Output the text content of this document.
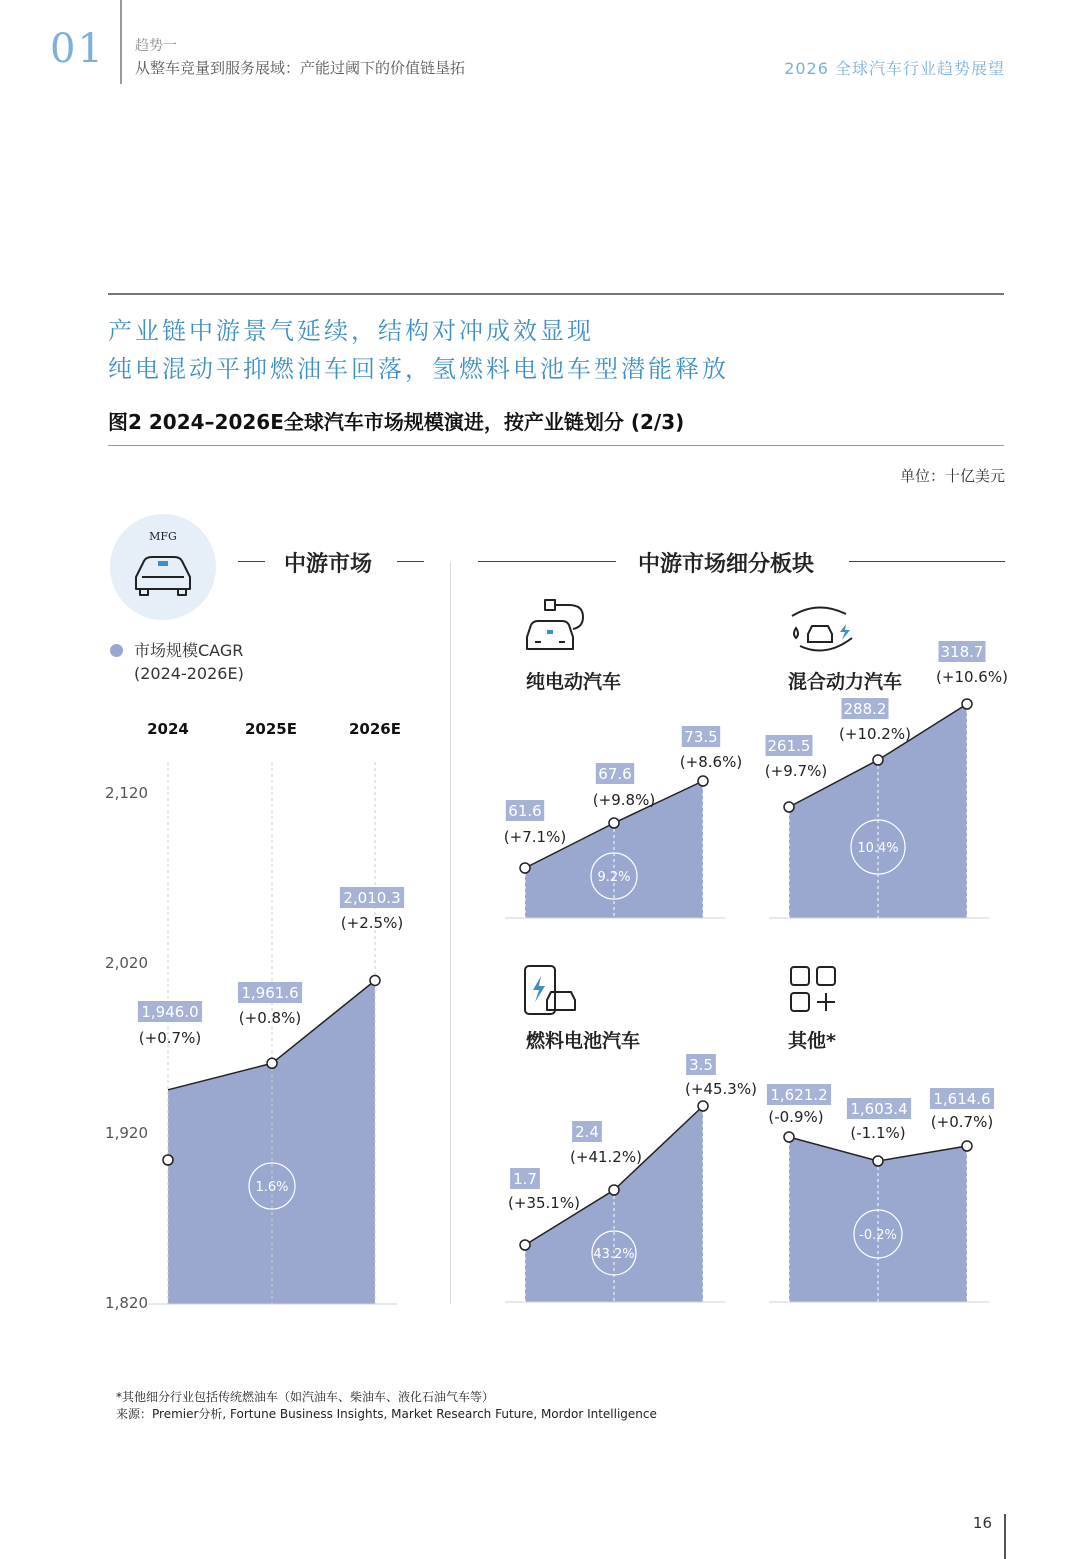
01 趋势一
从整车竞量到服务展域：产能过阈下的价值链垦拓	2026 全球汽车行业趋势展望
产业链中游景气延续，结构对冲成效显现
纯电混动平抑燃油车回落，氢燃料电池车型潜能释放
图2 2024–2026E全球汽车市场规模演进，按产业链划分 (2/3)
单位：十亿美元
MFG
中游市场
市场规模CAGR
(2024-2026E)
2024	2025E	2026E
2,120
2,020
1,920
1,820
中游市场细分板块
纯电动汽车	混合动力汽车
燃料电池汽车	其他*
1,946.0
(+0.7%)
1,961.6
(+0.8%)
2,010.3
(+2.5%)
1.6%
61.6
(+7.1%)
67.6
(+9.8%)
73.5
(+8.6%)
9.2%
261.5
(+9.7%)
288.2
(+10.2%)
318.7
(+10.6%)
10.4%
1.7
(+35.1%)
2.4
(+41.2%)
3.5
(+45.3%)
43.2%
1,621.2
(-0.9%) 1,603.4
(-1.1%)
1,614.6
(+0.7%)
-0.2%
*其他细分行业包括传统燃油车（如汽油车、柴油车、液化石油气车等）
来源：Premier分析, Fortune Business Insights, Market Research Future, Mordor Intelligence
16
